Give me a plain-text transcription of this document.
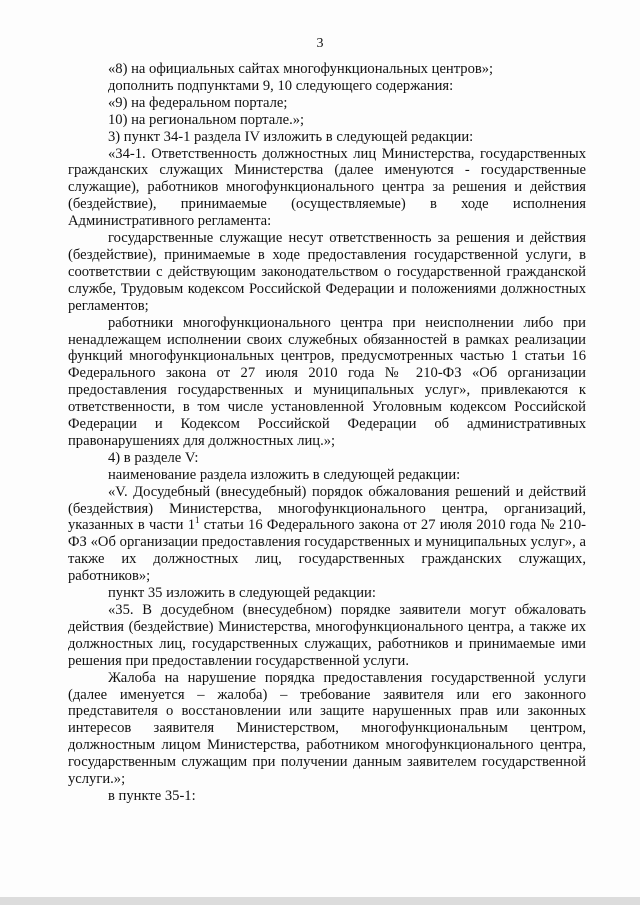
3

«8) на официальных сайтах многофункциональных центров»;

дополнить подпунктами 9, 10 следующего содержания:

«9) на федеральном портале;

10) на региональном портале.»;

3) пункт 34-1 раздела IV изложить в следующей редакции:

«34-1. Ответственность должностных лиц Министерства, государственных гражданских служащих Министерства (далее именуются - государственные служащие), работников многофункционального центра за решения и действия (бездействие), принимаемые (осуществляемые) в ходе исполнения Административного регламента:

государственные служащие несут ответственность за решения и действия (бездействие), принимаемые в ходе предоставления государственной услуги, в соответствии с действующим законодательством о государственной гражданской службе, Трудовым кодексом Российской Федерации и положениями должностных регламентов;

работники многофункционального центра при неисполнении либо при ненадлежащем исполнении своих служебных обязанностей в рамках реализации функций многофункциональных центров, предусмотренных частью 1 статьи 16 Федерального закона от 27 июля 2010 года № 210-ФЗ «Об организации предоставления государственных и муниципальных услуг», привлекаются к ответственности, в том числе установленной Уголовным кодексом Российской Федерации и Кодексом Российской Федерации об административных правонарушениях для должностных лиц.»;

4) в разделе V:

наименование раздела изложить в следующей редакции:

«V. Досудебный (внесудебный) порядок обжалования решений и действий (бездействия) Министерства, многофункционального центра, организаций, указанных в части $1^1$ статьи 16 Федерального закона от 27 июля 2010 года № 210-ФЗ «Об организации предоставления государственных и муниципальных услуг», а также их должностных лиц, государственных гражданских служащих, работников»;

пункт 35 изложить в следующей редакции:

«35. В досудебном (внесудебном) порядке заявители могут обжаловать действия (бездействие) Министерства, многофункционального центра, а также их должностных лиц, государственных служащих, работников и принимаемые ими решения при предоставлении государственной услуги.

Жалоба на нарушение порядка предоставления государственной услуги (далее именуется – жалоба) – требование заявителя или его законного представителя о восстановлении или защите нарушенных прав или законных интересов заявителя Министерством, многофункциональным центром, должностным лицом Министерства, работником многофункционального центра, государственным служащим при получении данным заявителем государственной услуги.»;

в пункте 35-1:
